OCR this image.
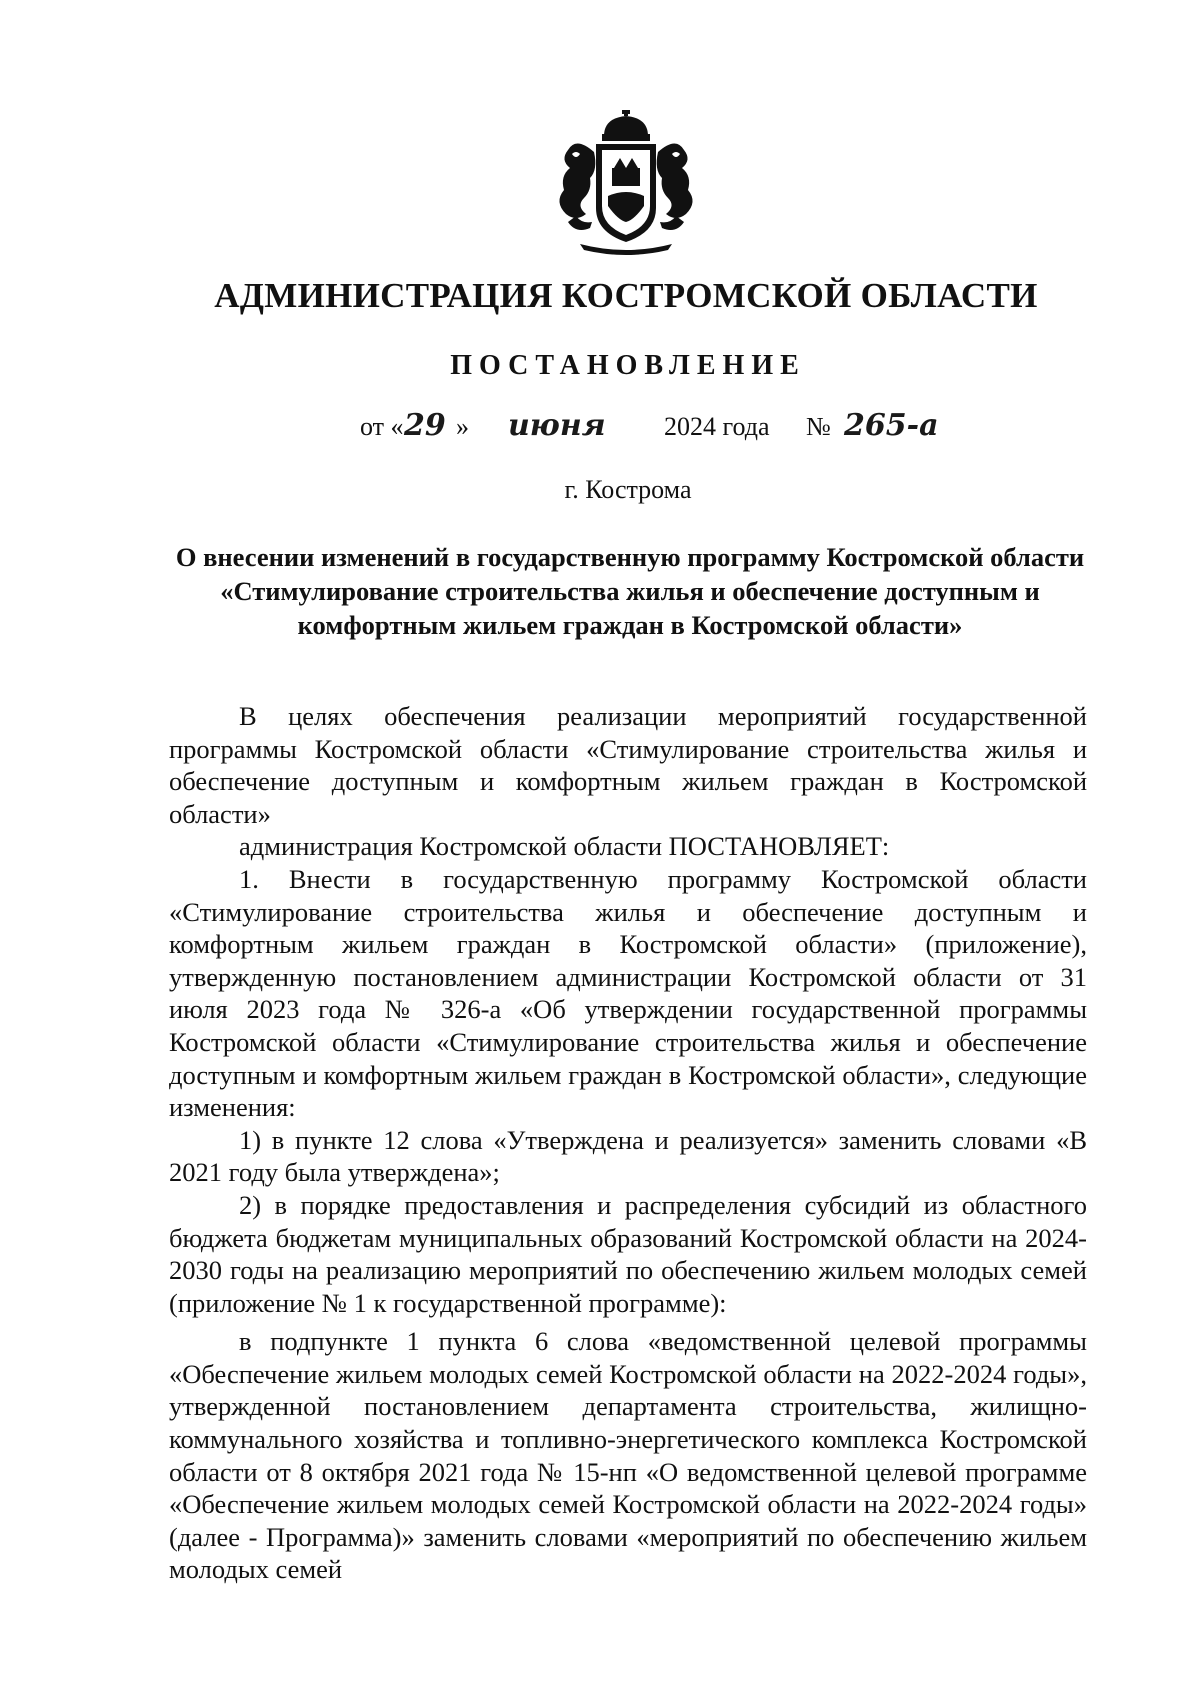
АДМИНИСТРАЦИЯ КОСТРОМСКОЙ ОБЛАСТИ
ПОСТАНОВЛЕНИЕ
от « 29 » июня 2024 года № 265-а

г. Кострома

О внесении изменений в государственную программу Костромской области «Стимулирование строительства жилья и обеспечение доступным и комфортным жильем граждан в Костромской области»

В целях обеспечения реализации мероприятий государственной программы Костромской области «Стимулирование строительства жилья и обеспечение доступным и комфортным жильем граждан в Костромской области»

администрация Костромской области ПОСТАНОВЛЯЕТ:

1. Внести в государственную программу Костромской области «Стимулирование строительства жилья и обеспечение доступным и комфортным жильем граждан в Костромской области» (приложение), утвержденную постановлением администрации Костромской области от 31 июля 2023 года № 326-а «Об утверждении государственной программы Костромской области «Стимулирование строительства жилья и обеспечение доступным и комфортным жильем граждан в Костромской области», следующие изменения:

1) в пункте 12 слова «Утверждена и реализуется» заменить словами «В 2021 году была утверждена»;

2) в порядке предоставления и распределения субсидий из областного бюджета бюджетам муниципальных образований Костромской области на 2024-2030 годы на реализацию мероприятий по обеспечению жильем молодых семей (приложение № 1 к государственной программе):

в подпункте 1 пункта 6 слова «ведомственной целевой программы «Обеспечение жильем молодых семей Костромской области на 2022-2024 годы», утвержденной постановлением департамента строительства, жилищно-коммунального хозяйства и топливно-энергетического комплекса Костромской области от 8 октября 2021 года № 15-нп «О ведомственной целевой программе «Обеспечение жильем молодых семей Костромской области на 2022-2024 годы» (далее - Программа)» заменить словами «мероприятий по обеспечению жильем молодых семей
